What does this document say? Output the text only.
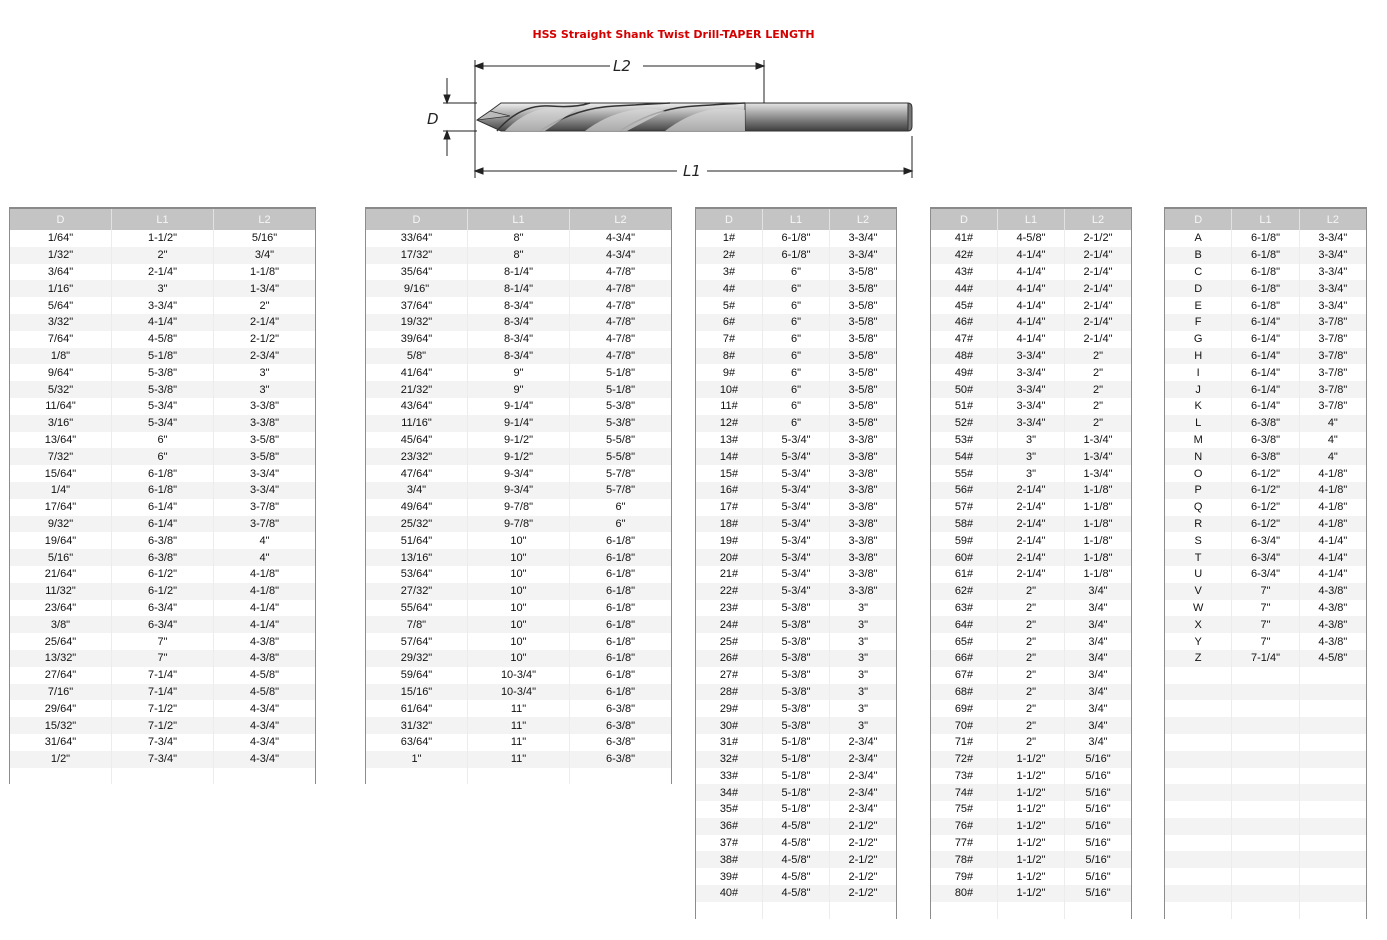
HSS Straight Shank Twist Drill-TAPER LENGTH
L2
L1
D
D	L1	L2
1/64"	1-1/2"	5/16"
1/32"	2"	3/4"
3/64"	2-1/4"	1-1/8"
1/16"	3"	1-3/4"
5/64"	3-3/4"	2"
3/32"	4-1/4"	2-1/4"
7/64"	4-5/8"	2-1/2"
1/8"	5-1/8"	2-3/4"
9/64"	5-3/8"	3"
5/32"	5-3/8"	3"
11/64"	5-3/4"	3-3/8"
3/16"	5-3/4"	3-3/8"
13/64"	6"	3-5/8"
7/32"	6"	3-5/8"
15/64"	6-1/8"	3-3/4"
1/4"	6-1/8"	3-3/4"
17/64"	6-1/4"	3-7/8"
9/32"	6-1/4"	3-7/8"
19/64"	6-3/8"	4"
5/16"	6-3/8"	4"
21/64"	6-1/2"	4-1/8"
11/32"	6-1/2"	4-1/8"
23/64"	6-3/4"	4-1/4"
3/8"	6-3/4"	4-1/4"
25/64"	7"	4-3/8"
13/32"	7"	4-3/8"
27/64"	7-1/4"	4-5/8"
7/16"	7-1/4"	4-5/8"
29/64"	7-1/2"	4-3/4"
15/32"	7-1/2"	4-3/4"
31/64"	7-3/4"	4-3/4"
1/2"	7-3/4"	4-3/4"

D	L1	L2
33/64"	8"	4-3/4"
17/32"	8"	4-3/4"
35/64"	8-1/4"	4-7/8"
9/16"	8-1/4"	4-7/8"
37/64"	8-3/4"	4-7/8"
19/32"	8-3/4"	4-7/8"
39/64"	8-3/4"	4-7/8"
5/8"	8-3/4"	4-7/8"
41/64"	9"	5-1/8"
21/32"	9"	5-1/8"
43/64"	9-1/4"	5-3/8"
11/16"	9-1/4"	5-3/8"
45/64"	9-1/2"	5-5/8"
23/32"	9-1/2"	5-5/8"
47/64"	9-3/4"	5-7/8"
3/4"	9-3/4"	5-7/8"
49/64"	9-7/8"	6"
25/32"	9-7/8"	6"
51/64"	10"	6-1/8"
13/16"	10"	6-1/8"
53/64"	10"	6-1/8"
27/32"	10"	6-1/8"
55/64"	10"	6-1/8"
7/8"	10"	6-1/8"
57/64"	10"	6-1/8"
29/32"	10"	6-1/8"
59/64"	10-3/4"	6-1/8"
15/16"	10-3/4"	6-1/8"
61/64"	11"	6-3/8"
31/32"	11"	6-3/8"
63/64"	11"	6-3/8"
1"	11"	6-3/8"

D	L1	L2
1#	6-1/8"	3-3/4"
2#	6-1/8"	3-3/4"
3#	6"	3-5/8"
4#	6"	3-5/8"
5#	6"	3-5/8"
6#	6"	3-5/8"
7#	6"	3-5/8"
8#	6"	3-5/8"
9#	6"	3-5/8"
10#	6"	3-5/8"
11#	6"	3-5/8"
12#	6"	3-5/8"
13#	5-3/4"	3-3/8"
14#	5-3/4"	3-3/8"
15#	5-3/4"	3-3/8"
16#	5-3/4"	3-3/8"
17#	5-3/4"	3-3/8"
18#	5-3/4"	3-3/8"
19#	5-3/4"	3-3/8"
20#	5-3/4"	3-3/8"
21#	5-3/4"	3-3/8"
22#	5-3/4"	3-3/8"
23#	5-3/8"	3"
24#	5-3/8"	3"
25#	5-3/8"	3"
26#	5-3/8"	3"
27#	5-3/8"	3"
28#	5-3/8"	3"
29#	5-3/8"	3"
30#	5-3/8"	3"
31#	5-1/8"	2-3/4"
32#	5-1/8"	2-3/4"
33#	5-1/8"	2-3/4"
34#	5-1/8"	2-3/4"
35#	5-1/8"	2-3/4"
36#	4-5/8"	2-1/2"
37#	4-5/8"	2-1/2"
38#	4-5/8"	2-1/2"
39#	4-5/8"	2-1/2"
40#	4-5/8"	2-1/2"

D	L1	L2
41#	4-5/8"	2-1/2"
42#	4-1/4"	2-1/4"
43#	4-1/4"	2-1/4"
44#	4-1/4"	2-1/4"
45#	4-1/4"	2-1/4"
46#	4-1/4"	2-1/4"
47#	4-1/4"	2-1/4"
48#	3-3/4"	2"
49#	3-3/4"	2"
50#	3-3/4"	2"
51#	3-3/4"	2"
52#	3-3/4"	2"
53#	3"	1-3/4"
54#	3"	1-3/4"
55#	3"	1-3/4"
56#	2-1/4"	1-1/8"
57#	2-1/4"	1-1/8"
58#	2-1/4"	1-1/8"
59#	2-1/4"	1-1/8"
60#	2-1/4"	1-1/8"
61#	2-1/4"	1-1/8"
62#	2"	3/4"
63#	2"	3/4"
64#	2"	3/4"
65#	2"	3/4"
66#	2"	3/4"
67#	2"	3/4"
68#	2"	3/4"
69#	2"	3/4"
70#	2"	3/4"
71#	2"	3/4"
72#	1-1/2"	5/16"
73#	1-1/2"	5/16"
74#	1-1/2"	5/16"
75#	1-1/2"	5/16"
76#	1-1/2"	5/16"
77#	1-1/2"	5/16"
78#	1-1/2"	5/16"
79#	1-1/2"	5/16"
80#	1-1/2"	5/16"

D	L1	L2
A	6-1/8"	3-3/4"
B	6-1/8"	3-3/4"
C	6-1/8"	3-3/4"
D	6-1/8"	3-3/4"
E	6-1/8"	3-3/4"
F	6-1/4"	3-7/8"
G	6-1/4"	3-7/8"
H	6-1/4"	3-7/8"
I	6-1/4"	3-7/8"
J	6-1/4"	3-7/8"
K	6-1/4"	3-7/8"
L	6-3/8"	4"
M	6-3/8"	4"
N	6-3/8"	4"
O	6-1/2"	4-1/8"
P	6-1/2"	4-1/8"
Q	6-1/2"	4-1/8"
R	6-1/2"	4-1/8"
S	6-3/4"	4-1/4"
T	6-3/4"	4-1/4"
U	6-3/4"	4-1/4"
V	7"	4-3/8"
W	7"	4-3/8"
X	7"	4-3/8"
Y	7"	4-3/8"
Z	7-1/4"	4-5/8"
